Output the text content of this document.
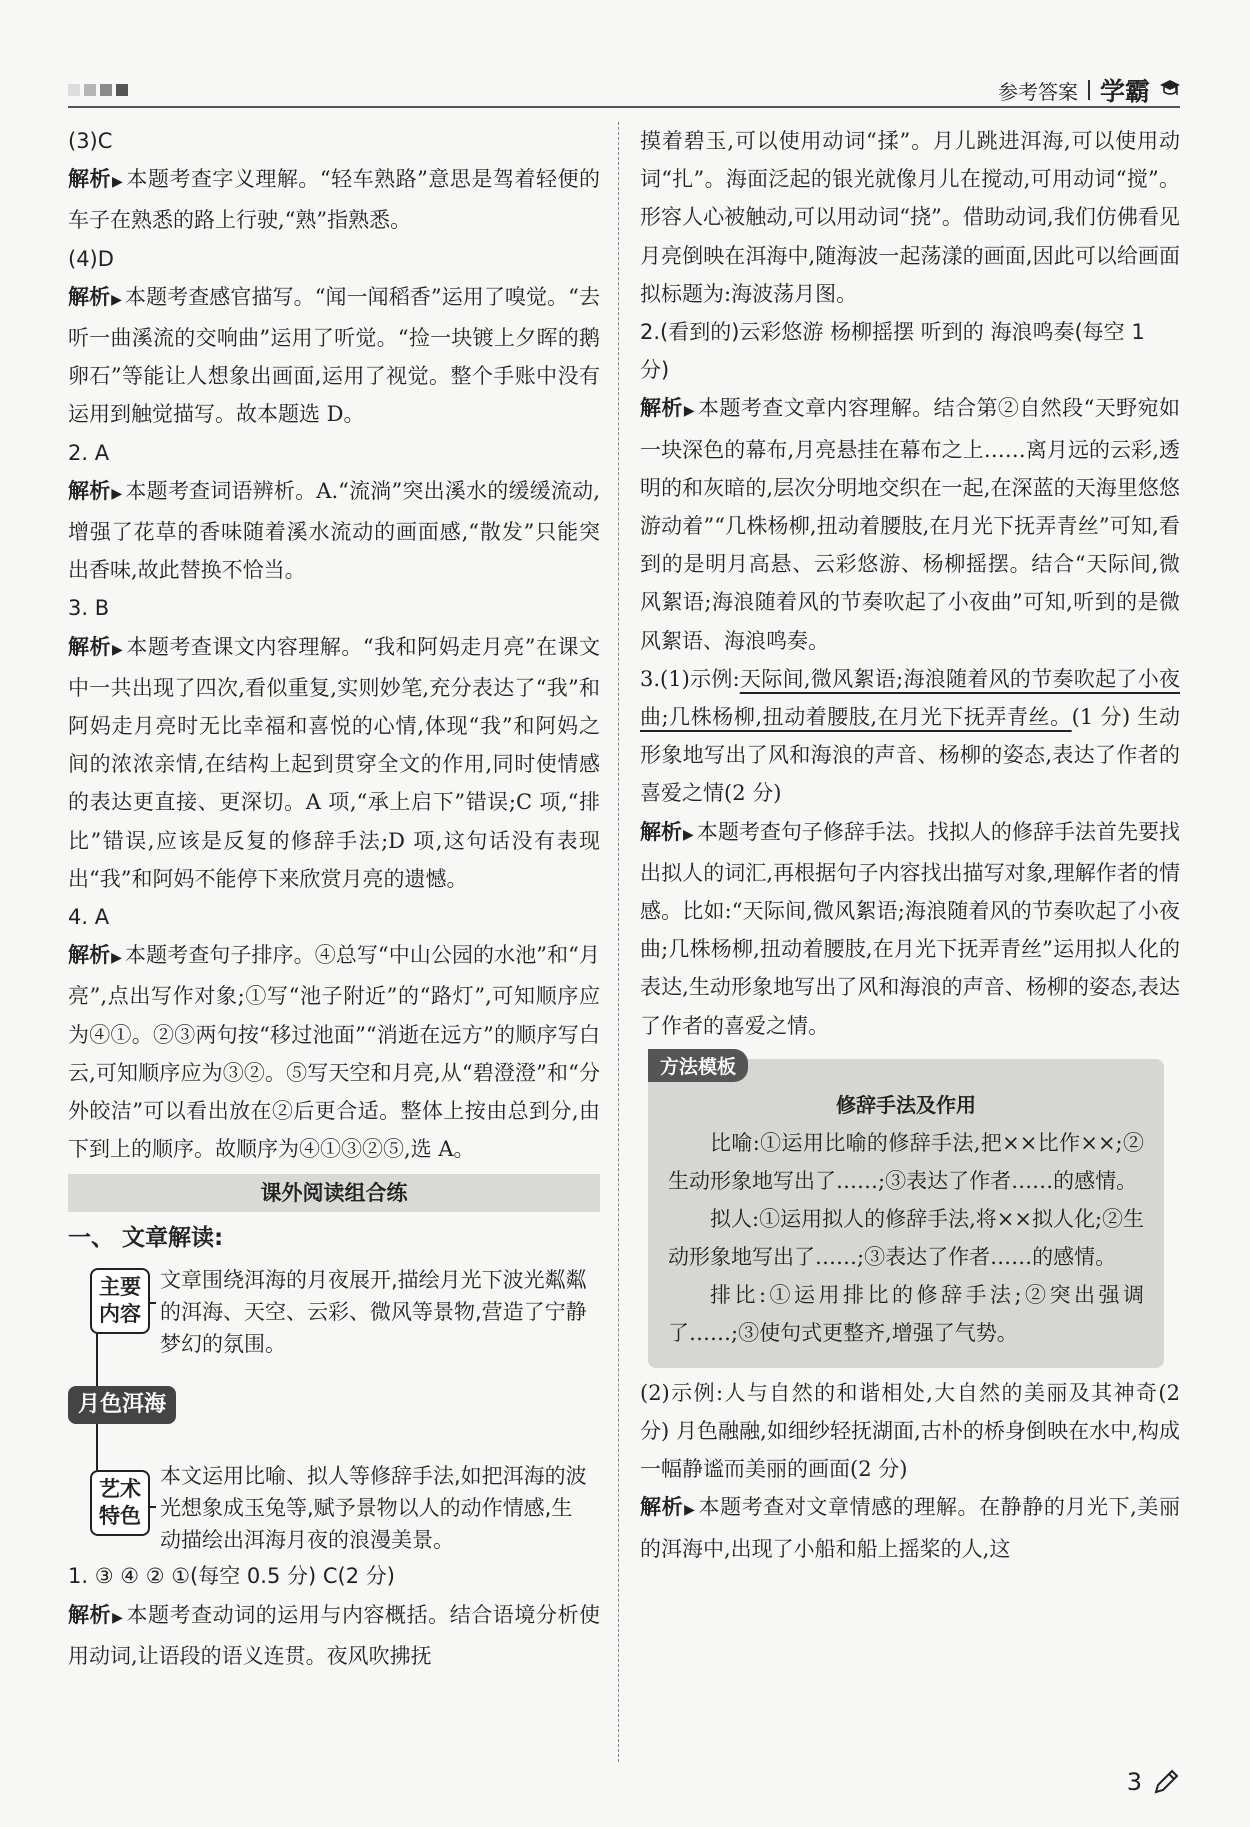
参考答案 学霸

(3)C

解析▶ 本题考查字义理解。“轻车熟路”意思是驾着轻便的车子在熟悉的路上行驶,“熟”指熟悉。

(4)D

解析▶ 本题考查感官描写。“闻一闻稻香”运用了嗅觉。“去听一曲溪流的交响曲”运用了听觉。“捡一块镀上夕晖的鹅卵石”等能让人想象出画面,运用了视觉。整个手账中没有运用到触觉描写。故本题选 D。

2. A

解析▶ 本题考查词语辨析。A.“流淌”突出溪水的缓缓流动,增强了花草的香味随着溪水流动的画面感,“散发”只能突出香味,故此替换不恰当。

3. B

解析▶ 本题考查课文内容理解。“我和阿妈走月亮”在课文中一共出现了四次,看似重复,实则妙笔,充分表达了“我”和阿妈走月亮时无比幸福和喜悦的心情,体现“我”和阿妈之间的浓浓亲情,在结构上起到贯穿全文的作用,同时使情感的表达更直接、更深切。A 项,“承上启下”错误;C 项,“排比”错误,应该是反复的修辞手法;D 项,这句话没有表现出“我”和阿妈不能停下来欣赏月亮的遗憾。

4. A

解析▶ 本题考查句子排序。④总写“中山公园的水池”和“月亮”,点出写作对象;①写“池子附近”的“路灯”,可知顺序应为④①。②③两句按“移过池面”“消逝在远方”的顺序写白云,可知顺序应为③②。⑤写天空和月亮,从“碧澄澄”和“分外皎洁”可以看出放在②后更合适。整体上按由总到分,由下到上的顺序。故顺序为④①③②⑤,选 A。

课外阅读组合练

一、 文章解读:

主要内容
文章围绕洱海的月夜展开,描绘月光下波光粼粼的洱海、天空、云彩、微风等景物,营造了宁静梦幻的氛围。
月色洱海
艺术特色
本文运用比喻、拟人等修辞手法,如把洱海的波光想象成玉兔等,赋予景物以人的动作情感,生动描绘出洱海月夜的浪漫美景。

1. ③ ④ ② ①(每空 0.5 分) C(2 分)

解析▶ 本题考查动词的运用与内容概括。结合语境分析使用动词,让语段的语义连贯。夜风吹拂抚

摸着碧玉,可以使用动词“揉”。月儿跳进洱海,可以使用动词“扎”。海面泛起的银光就像月儿在搅动,可用动词“搅”。形容人心被触动,可以用动词“挠”。借助动词,我们仿佛看见月亮倒映在洱海中,随海波一起荡漾的画面,因此可以给画面拟标题为:海波荡月图。

2.(看到的)云彩悠游 杨柳摇摆 听到的 海浪鸣奏(每空 1 分)

解析▶ 本题考查文章内容理解。结合第②自然段“天野宛如一块深色的幕布,月亮悬挂在幕布之上……离月远的云彩,透明的和灰暗的,层次分明地交织在一起,在深蓝的天海里悠悠游动着”“几株杨柳,扭动着腰肢,在月光下抚弄青丝”可知,看到的是明月高悬、云彩悠游、杨柳摇摆。结合“天际间,微风絮语;海浪随着风的节奏吹起了小夜曲”可知,听到的是微风絮语、海浪鸣奏。

3.(1)示例:天际间,微风絮语;海浪随着风的节奏吹起了小夜曲;几株杨柳,扭动着腰肢,在月光下抚弄青丝。(1 分) 生动形象地写出了风和海浪的声音、杨柳的姿态,表达了作者的喜爱之情(2 分)

解析▶ 本题考查句子修辞手法。找拟人的修辞手法首先要找出拟人的词汇,再根据句子内容找出描写对象,理解作者的情感。比如:“天际间,微风絮语;海浪随着风的节奏吹起了小夜曲;几株杨柳,扭动着腰肢,在月光下抚弄青丝”运用拟人化的表达,生动形象地写出了风和海浪的声音、杨柳的姿态,表达了作者的喜爱之情。

方法模板

修辞手法及作用

比喻:①运用比喻的修辞手法,把××比作××;②生动形象地写出了……;③表达了作者……的感情。

拟人:①运用拟人的修辞手法,将××拟人化;②生动形象地写出了……;③表达了作者……的感情。

排比:①运用排比的修辞手法;②突出强调了……;③使句式更整齐,增强了气势。

(2)示例:人与自然的和谐相处,大自然的美丽及其神奇(2 分) 月色融融,如细纱轻抚湖面,古朴的桥身倒映在水中,构成一幅静谧而美丽的画面(2 分)

解析▶ 本题考查对文章情感的理解。在静静的月光下,美丽的洱海中,出现了小船和船上摇桨的人,这

3
